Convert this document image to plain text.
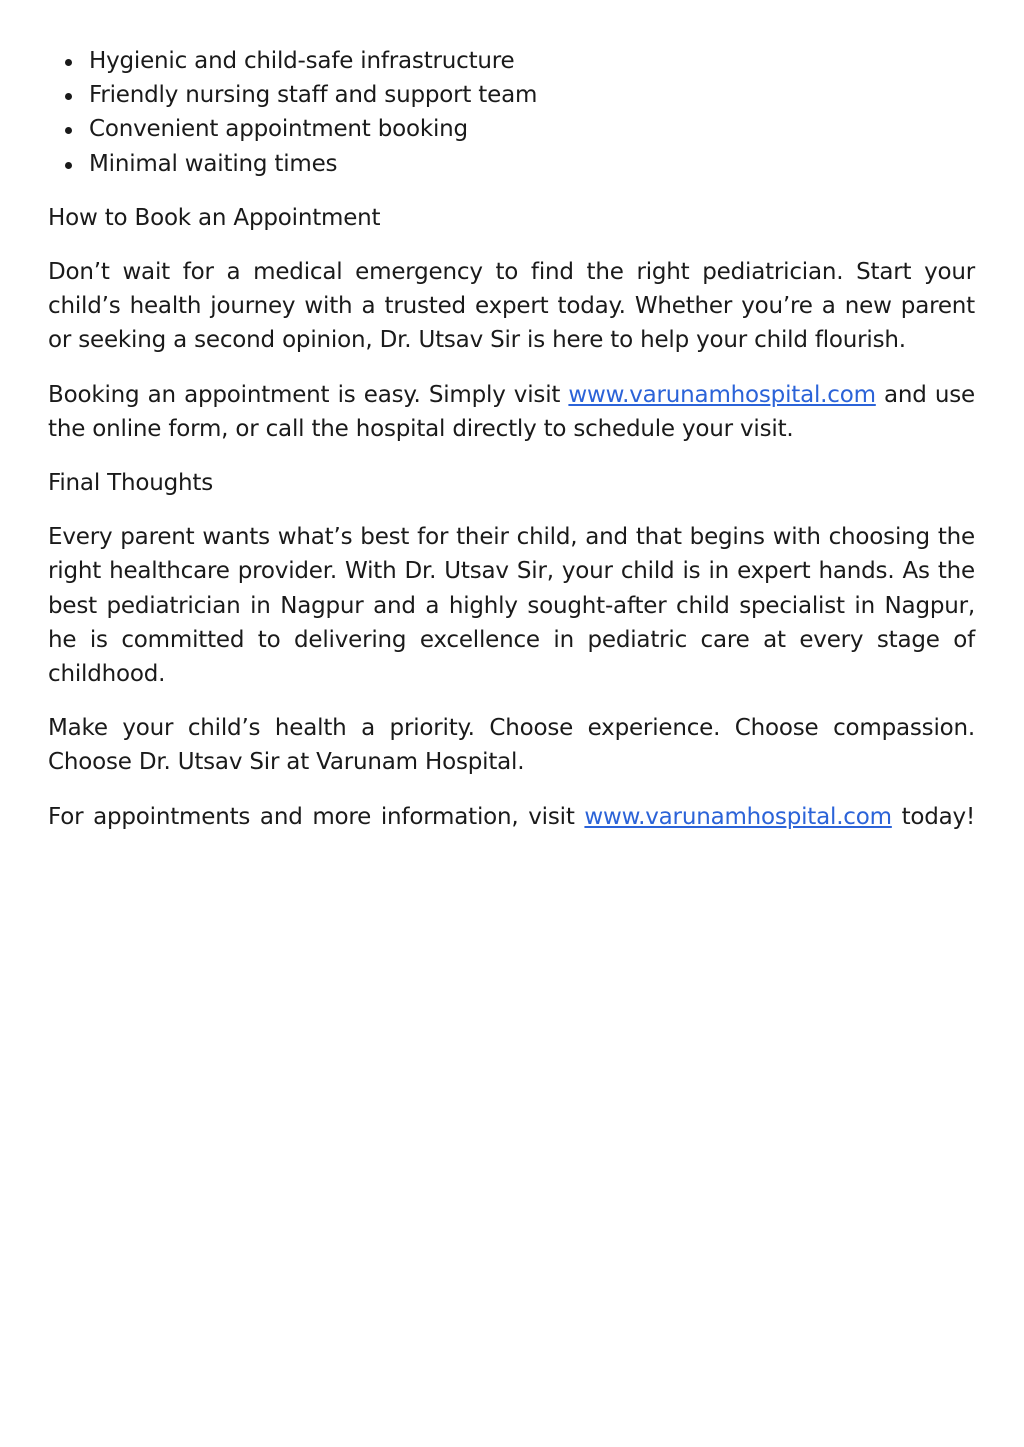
Hygienic and child-safe infrastructure
Friendly nursing staff and support team
Convenient appointment booking
Minimal waiting times
How to Book an Appointment

Don’t wait for a medical emergency to find the right pediatrician. Start your child’s health journey with a trusted expert today. Whether you’re a new parent or seeking a second opinion, Dr. Utsav Sir is here to help your child flourish.

Booking an appointment is easy. Simply visit www.varunamhospital.com and use the online form, or call the hospital directly to schedule your visit.

Final Thoughts

Every parent wants what’s best for their child, and that begins with choosing the right healthcare provider. With Dr. Utsav Sir, your child is in expert hands. As the best pediatrician in Nagpur and a highly sought-after child specialist in Nagpur, he is committed to delivering excellence in pediatric care at every stage of childhood.

Make your child’s health a priority. Choose experience. Choose compassion. Choose Dr. Utsav Sir at Varunam Hospital.

For appointments and more information, visit www.varunamhospital.com today!
